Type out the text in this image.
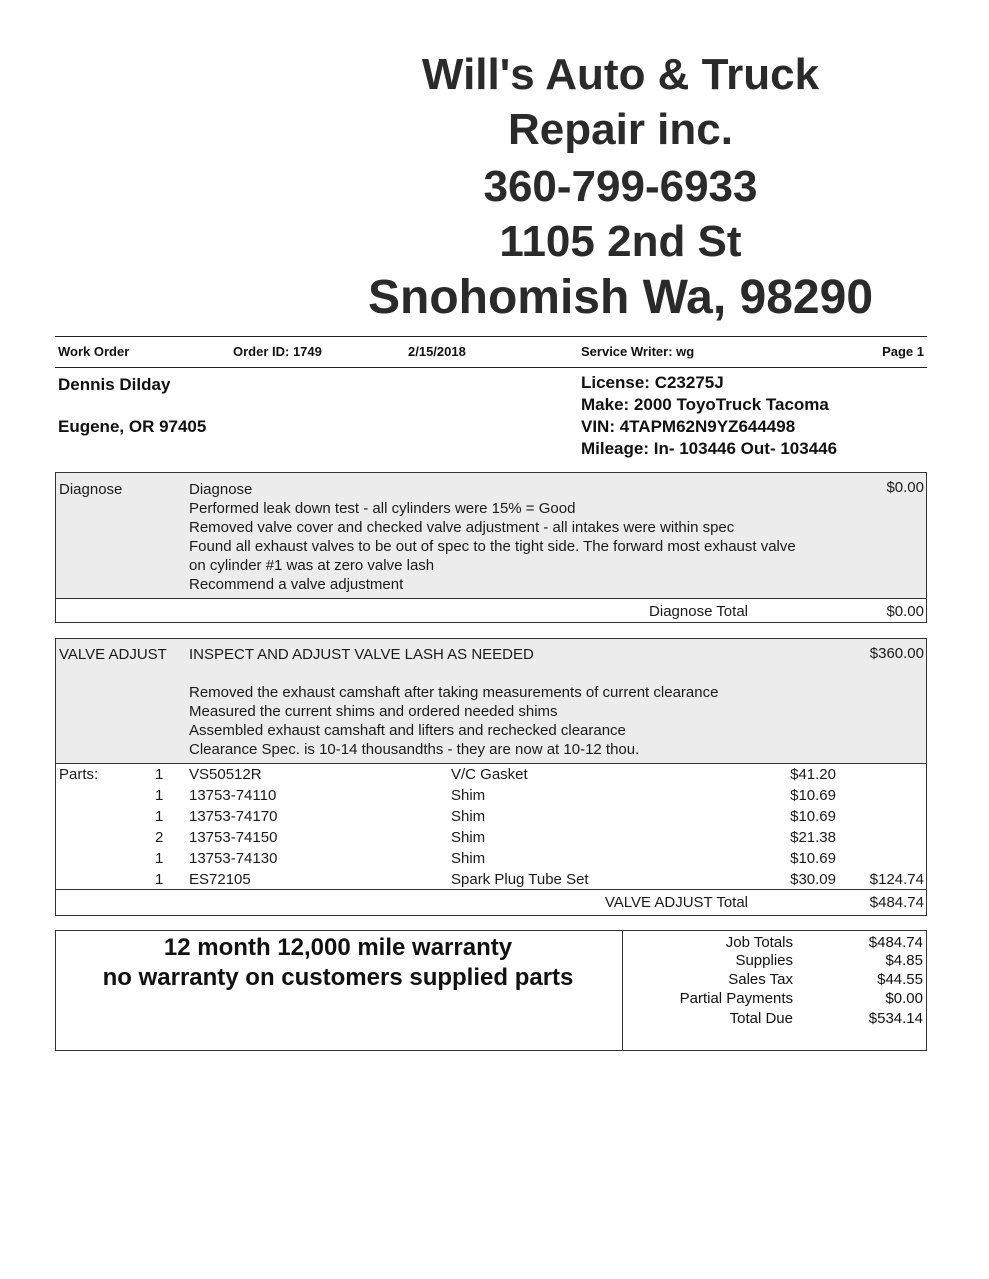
Will's Auto & Truck
Repair inc.
360-799-6933
1105 2nd St
Snohomish Wa, 98290
Work Order	Order ID: 1749	2/15/2018	Service Writer: wg	Page 1
Dennis Dilday
Eugene, OR 97405
License: C23275J
Make: 2000 ToyoTruck Tacoma
VIN: 4TAPM62N9YZ644498
Mileage: In- 103446 Out- 103446
Diagnose	Diagnose	$0.00
Performed leak down test - all cylinders were 15% = Good
Removed valve cover and checked valve adjustment - all intakes were within spec
Found all exhaust valves to be out of spec to the tight side. The forward most exhaust valve
on cylinder #1 was at zero valve lash
Recommend a valve adjustment
Diagnose Total	$0.00
VALVE ADJUST INSPECT AND ADJUST VALVE LASH AS NEEDED	$360.00
Removed the exhaust camshaft after taking measurements of current clearance
Measured the current shims and ordered needed shims
Assembled exhaust camshaft and lifters and rechecked clearance
Clearance Spec. is 10-14 thousandths - they are now at 10-12 thou.
Parts:	1 VS50512R	V/C Gasket	$41.20
1 13753-74110	Shim	$10.69
1 13753-74170	Shim	$10.69
2 13753-74150	Shim	$21.38
1 13753-74130	Shim	$10.69
1 ES72105	Spark Plug Tube Set	$30.09 $124.74
VALVE ADJUST Total	$484.74
12 month 12,000 mile warranty
no warranty on customers supplied parts
Job Totals	$484.74
Supplies	$4.85
Sales Tax	$44.55
Partial Payments	$0.00
Total Due	$534.14
